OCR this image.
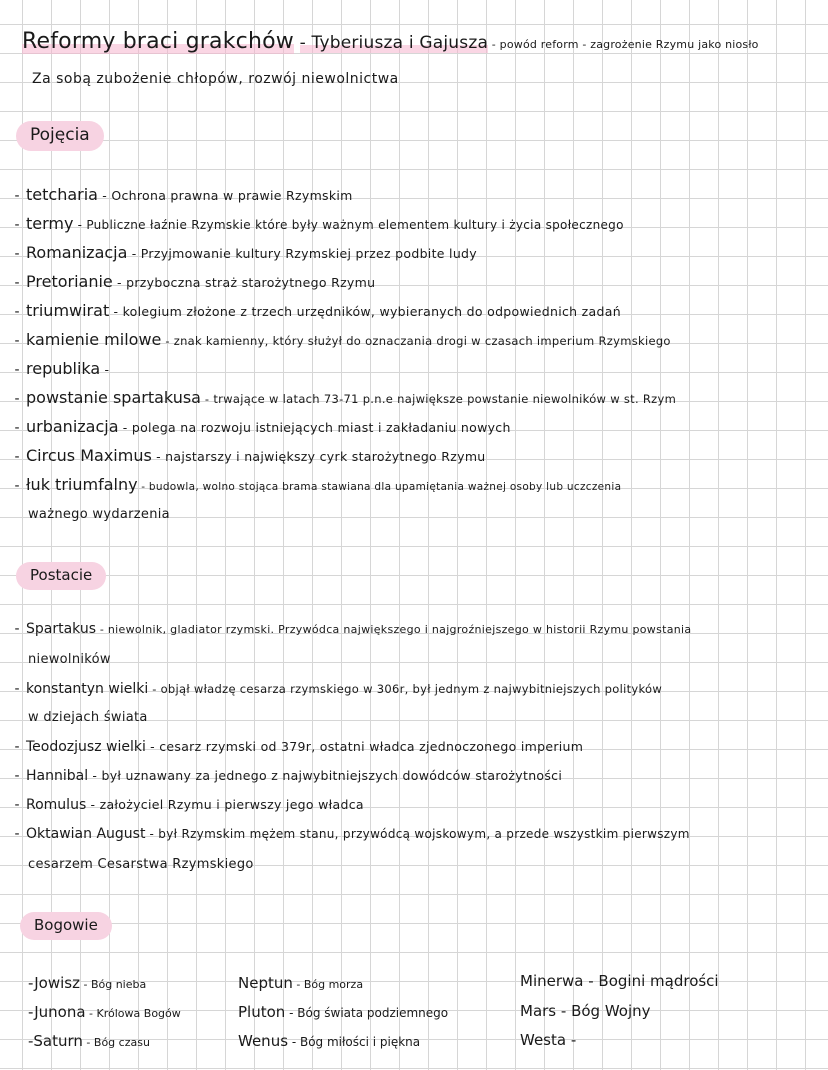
Reformy braci grakchów - Tyberiusza i Gajusza - powód reform - zagrożenie Rzymu jako niosło
Za sobą zubożenie chłopów, rozwój niewolnictwa
Pojęcia
- tetcharia - Ochrona prawna w prawie Rzymskim
- termy - Publiczne łaźnie Rzymskie które były ważnym elementem kultury i życia społecznego
- Romanizacja - Przyjmowanie kultury Rzymskiej przez podbite ludy
- Pretorianie - przyboczna straż starożytnego Rzymu
- triumwirat - kolegium złożone z trzech urzędników, wybieranych do odpowiednich zadań
- kamienie milowe - znak kamienny, który służył do oznaczania drogi w czasach imperium Rzymskiego
- republika -
- powstanie spartakusa - trwające w latach 73-71 p.n.e największe powstanie niewolników w st. Rzym
- urbanizacja - polega na rozwoju istniejących miast i zakładaniu nowych
- Circus Maximus - najstarszy i największy cyrk starożytnego Rzymu
- łuk triumfalny - budowla, wolno stojąca brama stawiana dla upamiętania ważnej osoby lub uczczenia
ważnego wydarzenia
Postacie
- Spartakus - niewolnik, gladiator rzymski. Przywódca największego i najgroźniejszego w historii Rzymu powstania
niewolników
- konstantyn wielki - objął władzę cesarza rzymskiego w 306r, był jednym z najwybitniejszych polityków
w dziejach świata
- Teodozjusz wielki - cesarz rzymski od 379r, ostatni władca zjednoczonego imperium
- Hannibal - był uznawany za jednego z najwybitniejszych dowódców starożytności
- Romulus - założyciel Rzymu i pierwszy jego władca
- Oktawian August - był Rzymskim mężem stanu, przywódcą wojskowym, a przede wszystkim pierwszym
cesarzem Cesarstwa Rzymskiego
Bogowie
-Jowisz - Bóg nieba
-Junona - Królowa Bogów
-Saturn - Bóg czasu
Neptun - Bóg morza
Pluton - Bóg świata podziemnego
Wenus - Bóg miłości i piękna
Minerwa - Bogini mądrości
Mars - Bóg Wojny
Westa -
